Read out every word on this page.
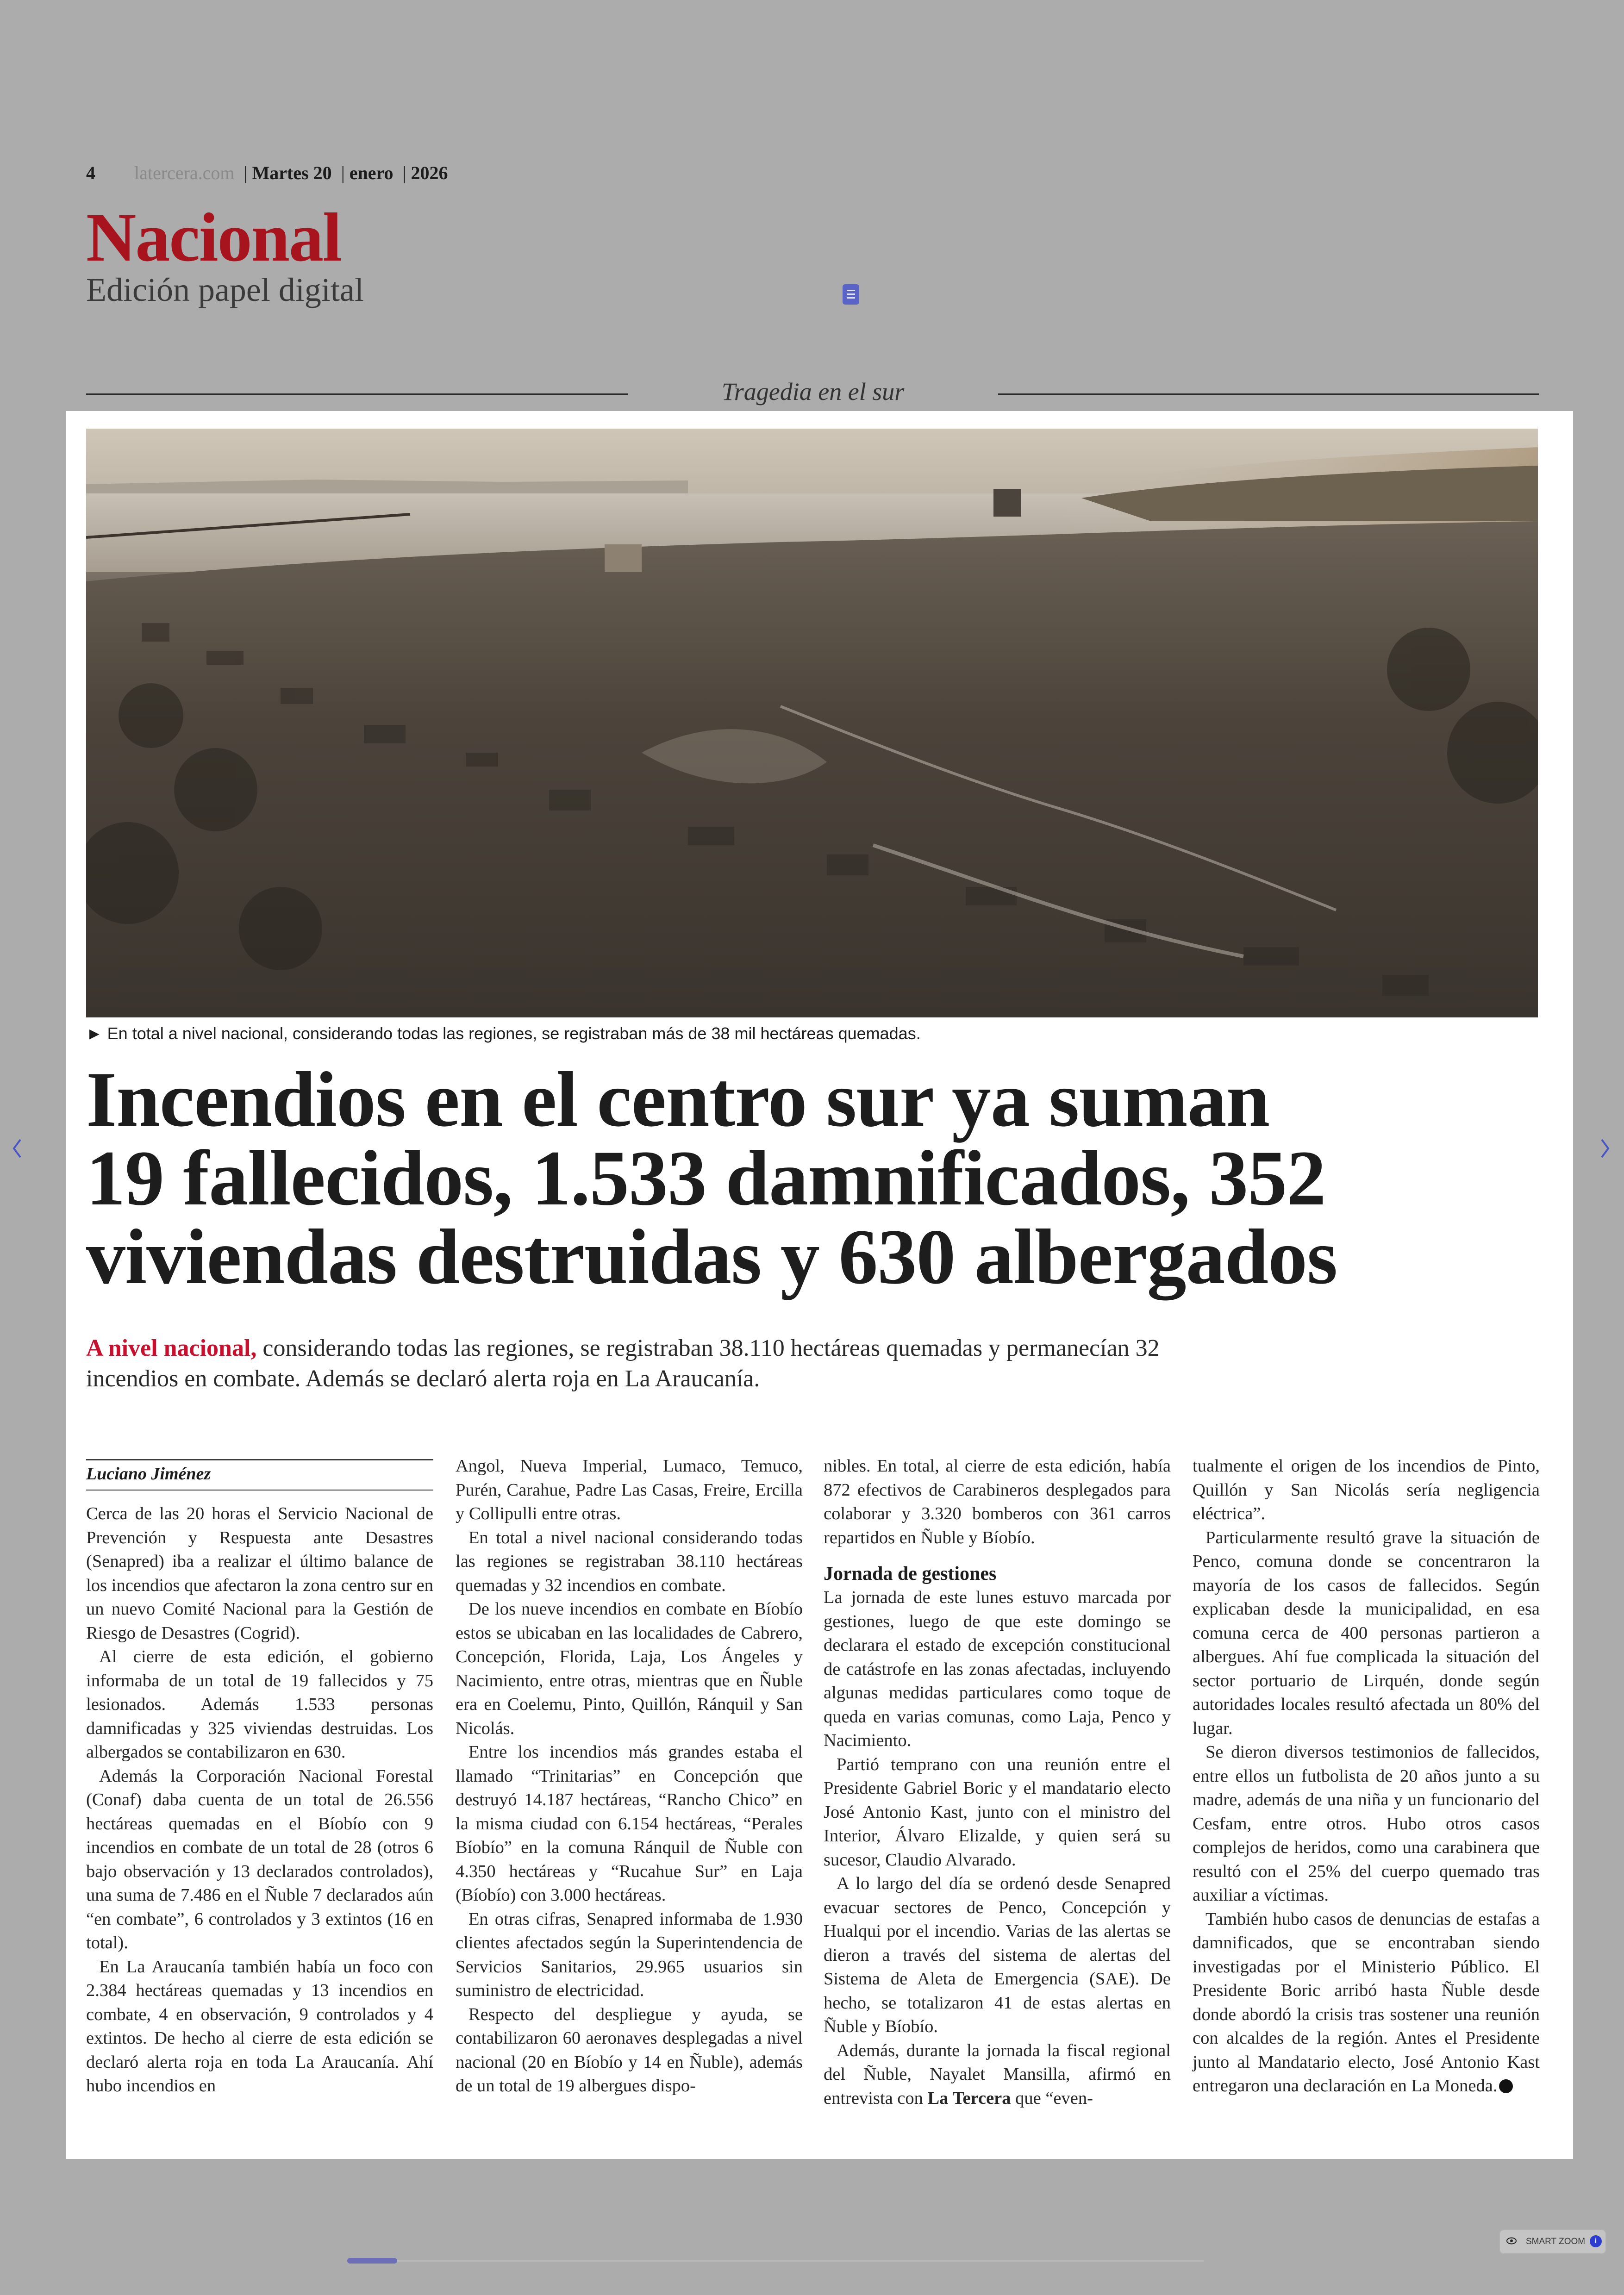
4 latercera.com | Martes 20 | enero | 2026
Nacional
Edición papel digital
Tragedia en el sur
► En total a nivel nacional, considerando todas las regiones, se registraban más de 38 mil hectáreas quemadas.
Incendios en el centro sur ya suman
19 fallecidos, 1.533 damnificados, 352
viviendas destruidas y 630 albergados
A nivel nacional, considerando todas las regiones, se registraban 38.110 hectáreas quemadas y permanecían 32 incendios en combate. Además se declaró alerta roja en La Araucanía.
Luciano Jiménez

Cerca de las 20 horas el Servicio Nacional de Prevención y Respuesta ante Desastres (Senapred) iba a realizar el último balance de los incendios que afectaron la zona centro sur en un nuevo Comité Nacional para la Gestión de Riesgo de Desastres (Cogrid).

Al cierre de esta edición, el gobierno informaba de un total de 19 fallecidos y 75 lesionados. Además 1.533 personas damnificadas y 325 viviendas destruidas. Los albergados se contabilizaron en 630.

Además la Corporación Nacional Forestal (Conaf) daba cuenta de un total de 26.556 hectáreas quemadas en el Bíobío con 9 incendios en combate de un total de 28 (otros 6 bajo observación y 13 declarados controlados), una suma de 7.486 en el Ñuble 7 declarados aún “en combate”, 6 controlados y 3 extintos (16 en total).

En La Araucanía también había un foco con 2.384 hectáreas quemadas y 13 incendios en combate, 4 en observación, 9 controlados y 4 extintos. De hecho al cierre de esta edición se declaró alerta roja en toda La Araucanía. Ahí hubo incendios en

Angol, Nueva Imperial, Lumaco, Temuco, Purén, Carahue, Padre Las Casas, Freire, Ercilla y Collipulli entre otras.

En total a nivel nacional considerando todas las regiones se registraban 38.110 hectáreas quemadas y 32 incendios en combate.

De los nueve incendios en combate en Bíobío estos se ubicaban en las localidades de Cabrero, Concepción, Florida, Laja, Los Ángeles y Nacimiento, entre otras, mientras que en Ñuble era en Coelemu, Pinto, Quillón, Ránquil y San Nicolás.

Entre los incendios más grandes estaba el llamado “Trinitarias” en Concepción que destruyó 14.187 hectáreas, “Rancho Chico” en la misma ciudad con 6.154 hectáreas, “Perales Bíobío” en la comuna Ránquil de Ñuble con 4.350 hectáreas y “Rucahue Sur” en Laja (Bíobío) con 3.000 hectáreas.

En otras cifras, Senapred informaba de 1.930 clientes afectados según la Superintendencia de Servicios Sanitarios, 29.965 usuarios sin suministro de electricidad.

Respecto del despliegue y ayuda, se contabilizaron 60 aeronaves desplegadas a nivel nacional (20 en Bíobío y 14 en Ñuble), además de un total de 19 albergues dispo-

nibles. En total, al cierre de esta edición, había 872 efectivos de Carabineros desplegados para colaborar y 3.320 bomberos con 361 carros repartidos en Ñuble y Bíobío.

Jornada de gestiones

La jornada de este lunes estuvo marcada por gestiones, luego de que este domingo se declarara el estado de excepción constitucional de catástrofe en las zonas afectadas, incluyendo algunas medidas particulares como toque de queda en varias comunas, como Laja, Penco y Nacimiento.

Partió temprano con una reunión entre el Presidente Gabriel Boric y el mandatario electo José Antonio Kast, junto con el ministro del Interior, Álvaro Elizalde, y quien será su sucesor, Claudio Alvarado.

A lo largo del día se ordenó desde Senapred evacuar sectores de Penco, Concepción y Hualqui por el incendio. Varias de las alertas se dieron a través del sistema de alertas del Sistema de Aleta de Emergencia (SAE). De hecho, se totalizaron 41 de estas alertas en Ñuble y Bíobío.

Además, durante la jornada la fiscal regional del Ñuble, Nayalet Mansilla, afirmó en entrevista con La Tercera que “even-

tualmente el origen de los incendios de Pinto, Quillón y San Nicolás sería negligencia eléctrica”.

Particularmente resultó grave la situación de Penco, comuna donde se concentraron la mayoría de los casos de fallecidos. Según explicaban desde la municipalidad, en esa comuna cerca de 400 personas partieron a albergues. Ahí fue complicada la situación del sector portuario de Lirquén, donde según autoridades locales resultó afectada un 80% del lugar.

Se dieron diversos testimonios de fallecidos, entre ellos un futbolista de 20 años junto a su madre, además de una niña y un funcionario del Cesfam, entre otros. Hubo otros casos complejos de heridos, como una carabinera que resultó con el 25% del cuerpo quemado tras auxiliar a víctimas.

También hubo casos de denuncias de estafas a damnificados, que se encontraban siendo investigadas por el Ministerio Público. El Presidente Boric arribó hasta Ñuble desde donde abordó la crisis tras sostener una reunión con alcaldes de la región. Antes el Presidente junto al Mandatario electo, José Antonio Kast entregaron una declaración en La Moneda.

SMART ZOOM	i
